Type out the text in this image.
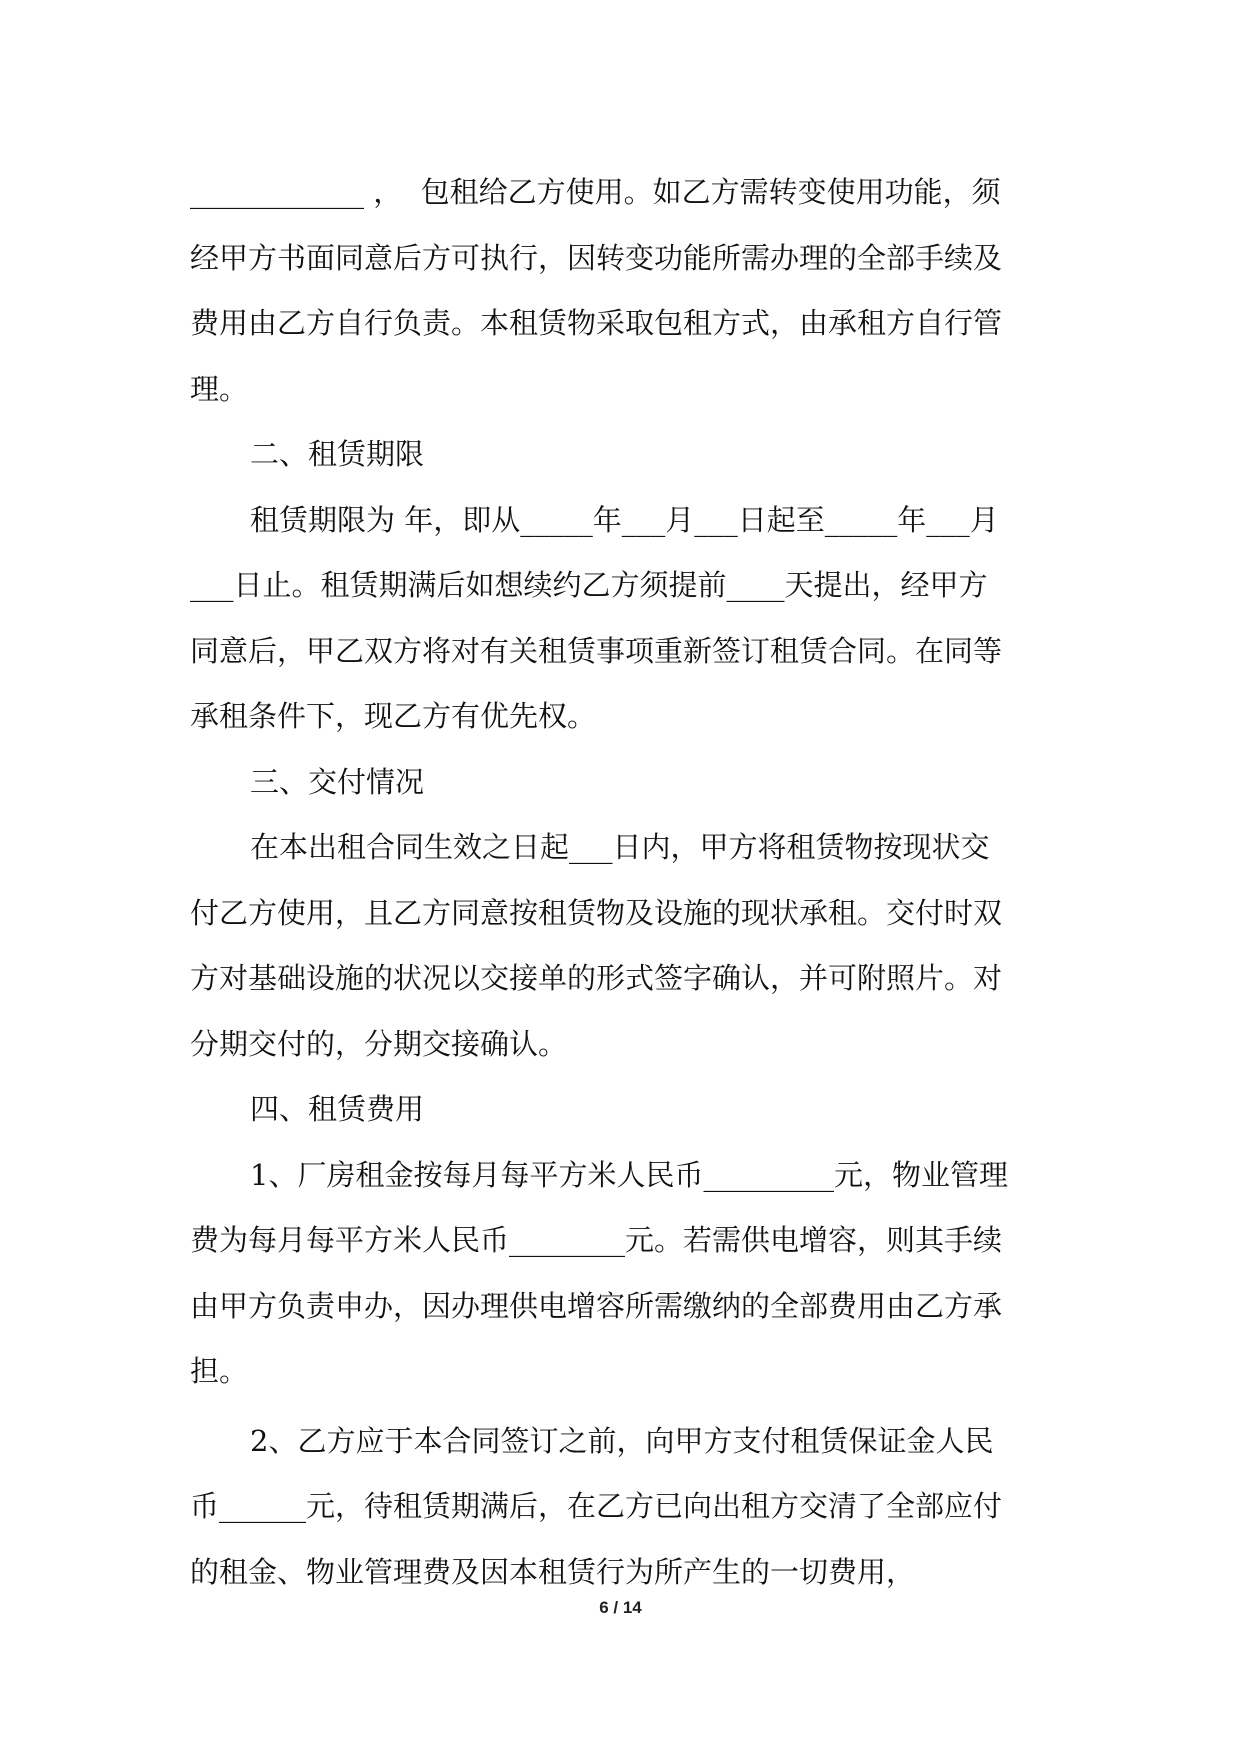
____________ ，  包租给乙方使用。如乙方需转变使用功能，须
经甲方书面同意后方可执行，因转变功能所需办理的全部手续及
费用由乙方自行负责。本租赁物采取包租方式，由承租方自行管
理。
二、租赁期限
租赁期限为 年，即从_____年___月___日起至_____年___月
___日止。租赁期满后如想续约乙方须提前____天提出，经甲方
同意后，甲乙双方将对有关租赁事项重新签订租赁合同。在同等
承租条件下，现乙方有优先权。
三、交付情况
在本出租合同生效之日起___日内，甲方将租赁物按现状交
付乙方使用，且乙方同意按租赁物及设施的现状承租。交付时双
方对基础设施的状况以交接单的形式签字确认，并可附照片。对
分期交付的，分期交接确认。
四、租赁费用
1、厂房租金按每月每平方米人民币_________元，物业管理
费为每月每平方米人民币________元。若需供电增容，则其手续
由甲方负责申办，因办理供电增容所需缴纳的全部费用由乙方承
担。
2、乙方应于本合同签订之前，向甲方支付租赁保证金人民
币______元，待租赁期满后，在乙方已向出租方交清了全部应付
的租金、物业管理费及因本租赁行为所产生的一切费用，
6 / 14
